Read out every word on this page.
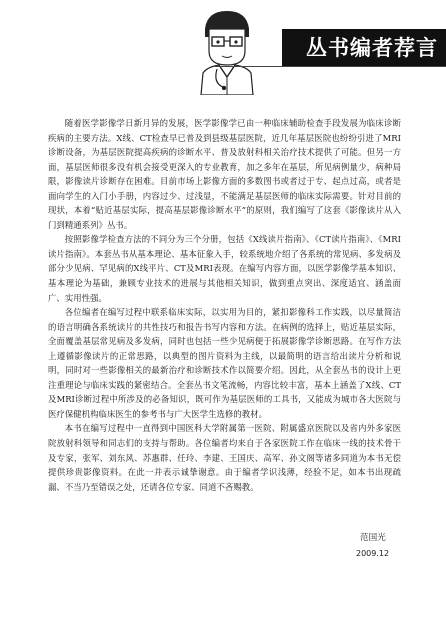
丛书编者荐言

随着医学影像学日新月异的发展，医学影像学已由一种临床辅助检查手段发展为临床诊断疾病的主要方法。X线、CT检查早已普及到县级基层医院，近几年基层医院也纷纷引进了MRI诊断设备，为基层医院提高疾病的诊断水平、普及放射科相关治疗技术提供了可能。但另一方面，基层医师很多没有机会接受更深入的专业教育，加之多年在基层，所见病例量少，病种局限，影像读片诊断存在困难。目前市场上影像方面的多数图书或者过于专、起点过高，或者是面向学生的入门小手册，内容过少、过浅显，不能满足基层医师的临床实际需要。针对目前的现状，本着“贴近基层实际，提高基层影像诊断水平”的原则，我们编写了这套《影像读片从入门到精通系列》丛书。

按照影像学检查方法的不同分为三个分册，包括《X线读片指南》、《CT读片指南》、《MRI读片指南》。本套丛书从基本理论、基本征象入手，较系统地介绍了各系统的常见病、多发病及部分少见病、罕见病的X线平片、CT及MRI表现。在编写内容方面，以医学影像学基本知识、基本理论为基础，兼顾专业技术的进展与其他相关知识，做到重点突出、深度适宜、涵盖面广、实用性强。

各位编者在编写过程中联系临床实际，以实用为目的，紧扣影像科工作实践，以尽量简洁的语言明确各系统读片的共性技巧和报告书写内容和方法。在病例的选择上，贴近基层实际，全面覆盖基层常见病及多发病，同时也包括一些少见病便于拓展影像学诊断思路。在写作方法上遵循影像读片的正常思路，以典型的图片资料为主线，以最简明的语言给出读片分析和说明，同时对一些影像相关的最新治疗和诊断技术作以简要介绍。因此，从全套丛书的设计上更注重理论与临床实践的紧密结合。全套丛书文笔流畅，内容比较丰富，基本上涵盖了X线、CT及MRI诊断过程中所涉及的必备知识，既可作为基层医师的工具书，又能成为城市各大医院与医疗保健机构临床医生的参考书与广大医学生选修的教材。

本书在编写过程中一直得到中国医科大学附属第一医院、附属盛京医院以及省内外多家医院放射科领导和同志们的支持与帮助。各位编者均来自于各家医院工作在临床一线的技术骨干及专家，张军、刘东风、苏惠群、任玲、李建、王国庆、高军、孙文阁等诸多同道为本书无偿提供珍贵影像资料。在此一并表示诚挚谢意。由于编者学识浅薄，经验不足，如本书出现疏漏、不当乃至错误之处，还请各位专家、同道不吝赐教。

范国光
2009.12
